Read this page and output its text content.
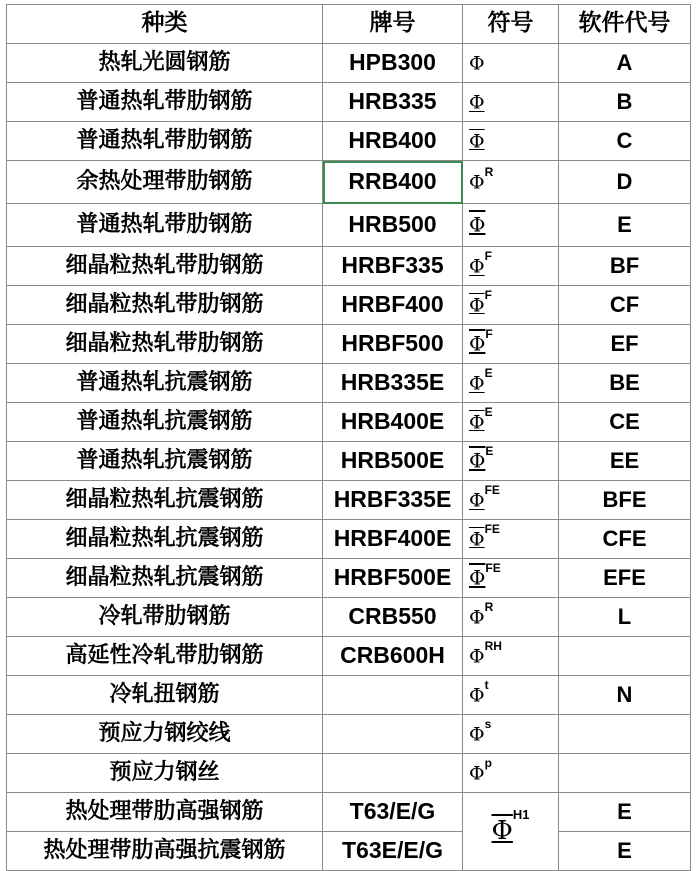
种类	牌号	符号	软件代号
热轧光圆钢筋	HPB300	Φ	A
普通热轧带肋钢筋	HRB335	Φ	B
普通热轧带肋钢筋	HRB400	Φ	C
余热处理带肋钢筋	RRB400	$\Phi^R$	D
普通热轧带肋钢筋	HRB500	Φ	E
细晶粒热轧带肋钢筋	HRBF335	$\Phi^F$	BF
细晶粒热轧带肋钢筋	HRBF400	$\Phi^F$	CF
细晶粒热轧带肋钢筋	HRBF500	$\Phi^F$	EF
普通热轧抗震钢筋	HRB335E	$\Phi^E$	BE
普通热轧抗震钢筋	HRB400E	$\Phi^E$	CE
普通热轧抗震钢筋	HRB500E	$\Phi^E$	EE
细晶粒热轧抗震钢筋	HRBF335E	$\Phi^{FE}$	BFE
细晶粒热轧抗震钢筋	HRBF400E	$\Phi^{FE}$	CFE
细晶粒热轧抗震钢筋	HRBF500E	$\Phi^{FE}$	EFE
冷轧带肋钢筋	CRB550	$\Phi^R$	L
高延性冷轧带肋钢筋	CRB600H	$\Phi^{RH}$	
冷轧扭钢筋		$\Phi^t$	N
预应力钢绞线		$\Phi^s$	
预应力钢丝		$\Phi^p$	
热处理带肋高强钢筋	T63/E/G	$\Phi^{H1}$	E
热处理带肋高强抗震钢筋	T63E/E/G		E
